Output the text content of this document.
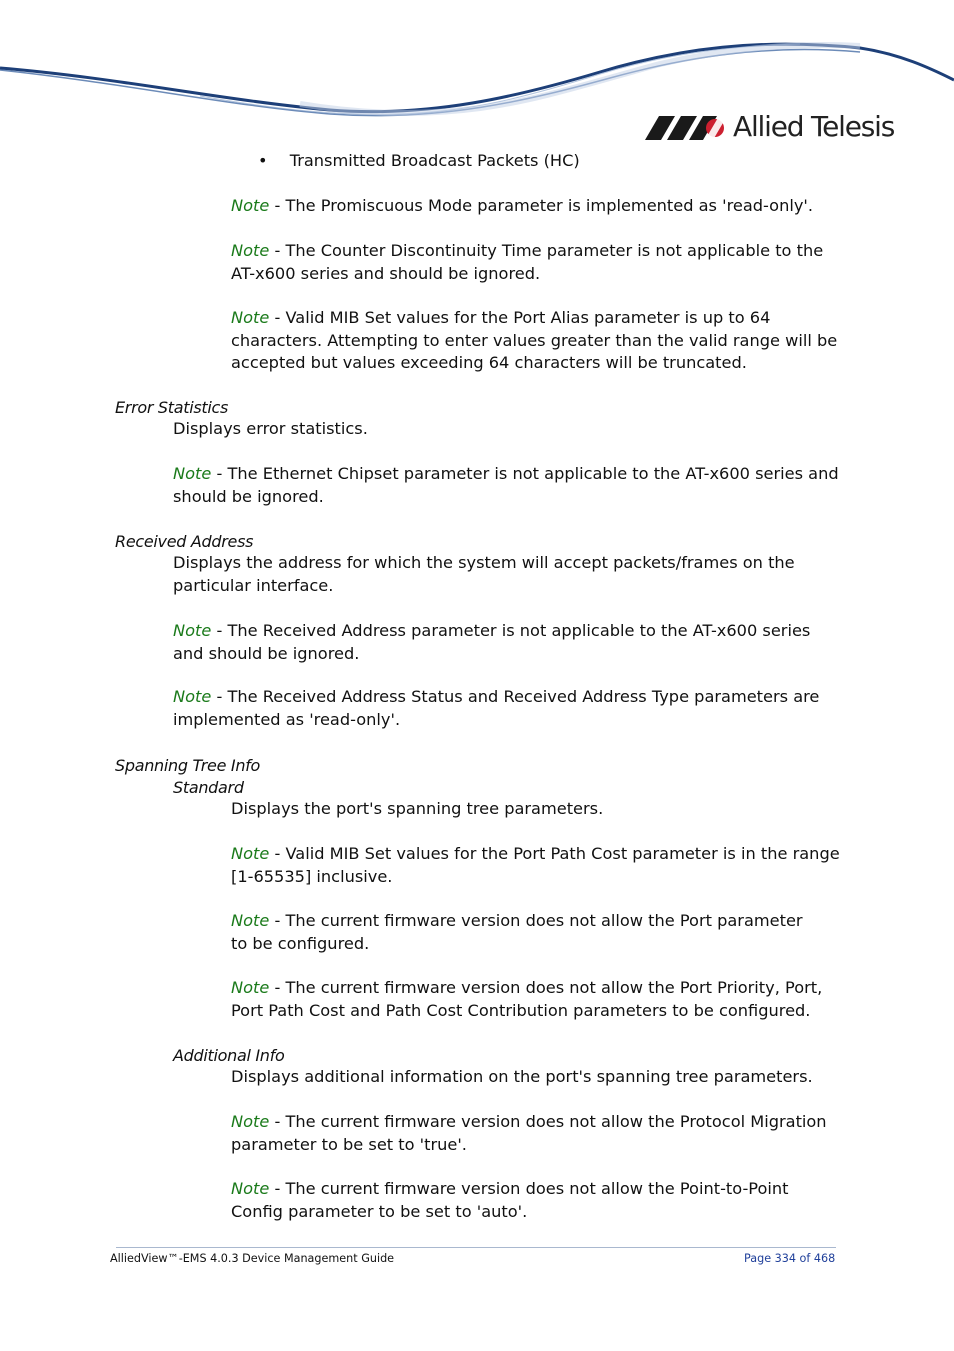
Allied Telesis
• Transmitted Broadcast Packets (HC)

Note - The Promiscuous Mode parameter is implemented as 'read-only'.

Note - The Counter Discontinuity Time parameter is not applicable to the
AT-x600 series and should be ignored.

Note - Valid MIB Set values for the Port Alias parameter is up to 64
characters. Attempting to enter values greater than the valid range will be
accepted but values exceeding 64 characters will be truncated.

Error Statistics

Displays error statistics.

Note - The Ethernet Chipset parameter is not applicable to the AT-x600 series and
should be ignored.

Received Address

Displays the address for which the system will accept packets/frames on the
particular interface.

Note - The Received Address parameter is not applicable to the AT-x600 series
and should be ignored.

Note - The Received Address Status and Received Address Type parameters are
implemented as 'read-only'.

Spanning Tree Info
Standard

Displays the port's spanning tree parameters.

Note - Valid MIB Set values for the Port Path Cost parameter is in the range
[1-65535] inclusive.

Note - The current firmware version does not allow the Port parameter
to be configured.

Note - The current firmware version does not allow the Port Priority, Port,
Port Path Cost and Path Cost Contribution parameters to be configured.

Additional Info

Displays additional information on the port's spanning tree parameters.

Note - The current firmware version does not allow the Protocol Migration
parameter to be set to 'true'.

Note - The current firmware version does not allow the Point-to-Point
Config parameter to be set to 'auto'.

AlliedView™-EMS 4.0.3 Device Management Guide	Page 334 of 468
